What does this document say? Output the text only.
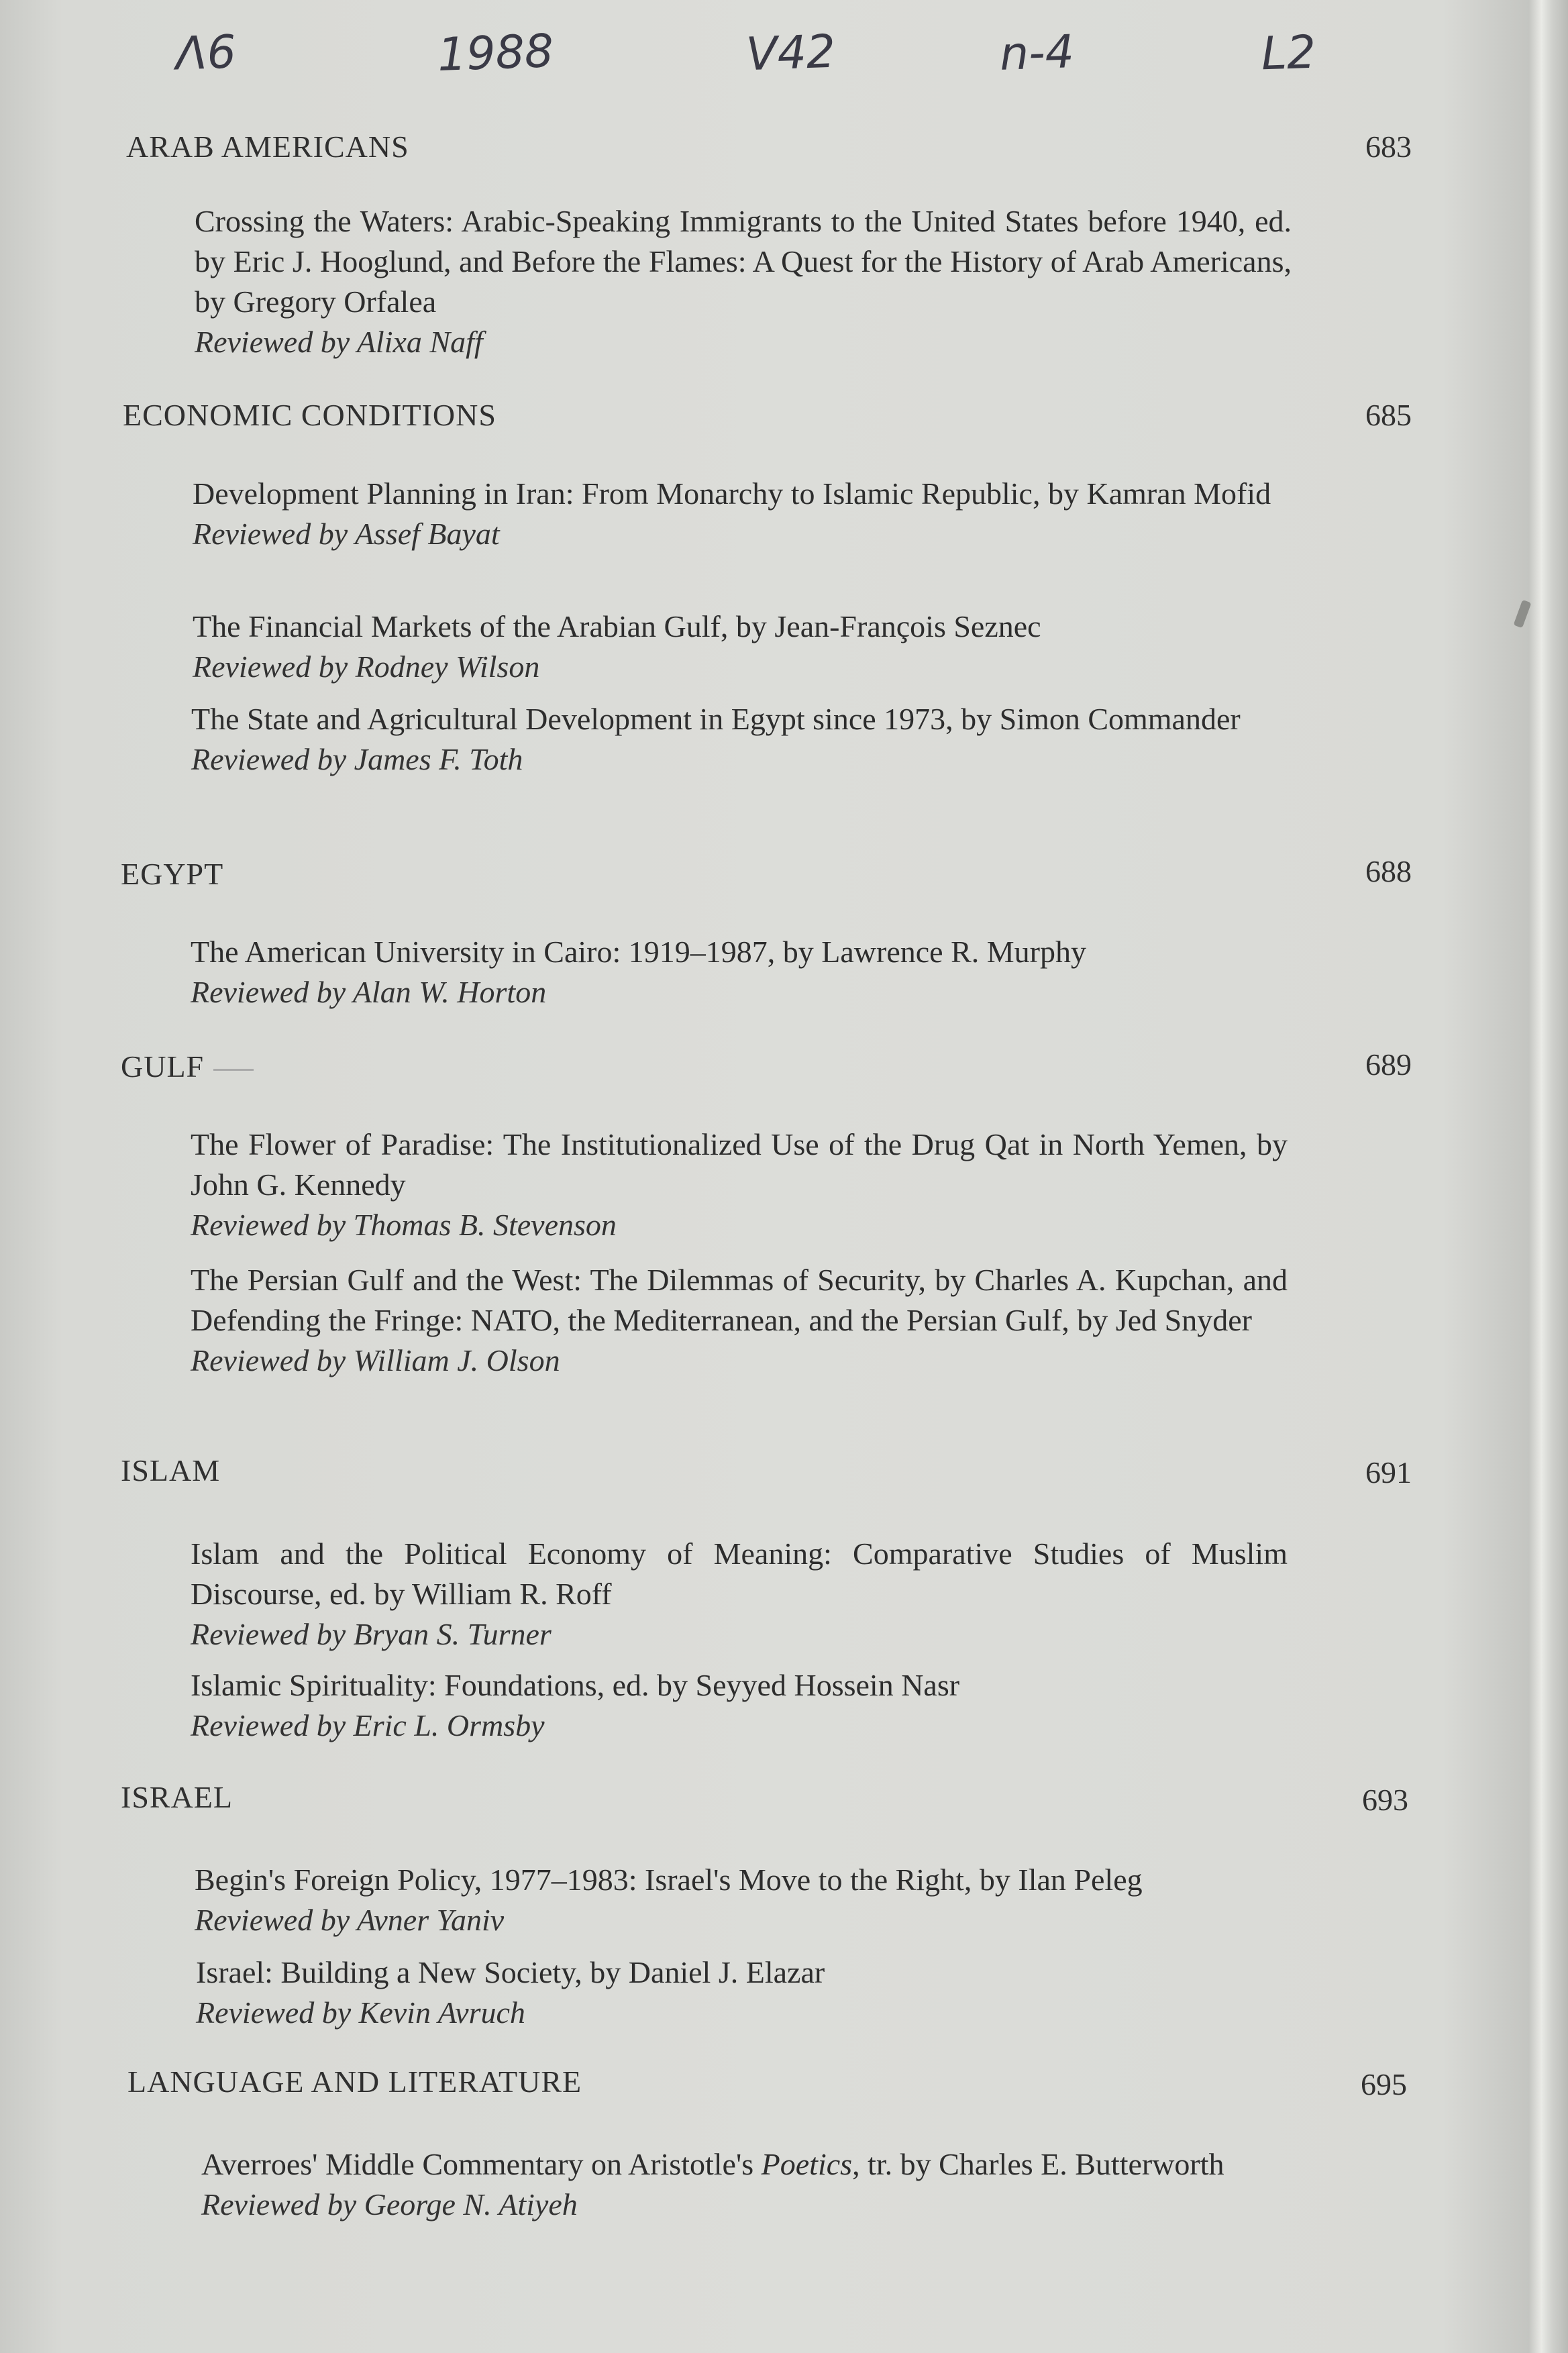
Λ6	1988	V42	n-4	L2
ARAB AMERICANS	683
Crossing the Waters: Arabic-Speaking Immigrants to the United States before 1940, ed. by Eric J. Hooglund, and Before the Flames: A Quest for the History of Arab Americans, by Gregory Orfalea
Reviewed by Alixa Naff
ECONOMIC CONDITIONS	685
Development Planning in Iran: From Monarchy to Islamic Republic, by Kamran Mofid
Reviewed by Assef Bayat
The Financial Markets of the Arabian Gulf, by Jean-François Seznec
Reviewed by Rodney Wilson
The State and Agricultural Development in Egypt since 1973, by Simon Commander
Reviewed by James F. Toth
EGYPT	688
The American University in Cairo: 1919–1987, by Lawrence R. Murphy
Reviewed by Alan W. Horton
GULF	689
The Flower of Paradise: The Institutionalized Use of the Drug Qat in North Yemen, by John G. Kennedy
Reviewed by Thomas B. Stevenson
The Persian Gulf and the West: The Dilemmas of Security, by Charles A. Kupchan, and Defending the Fringe: NATO, the Mediterranean, and the Persian Gulf, by Jed Snyder
Reviewed by William J. Olson
ISLAM	691
Islam and the Political Economy of Meaning: Comparative Studies of Muslim Discourse, ed. by William R. Roff
Reviewed by Bryan S. Turner
Islamic Spirituality: Foundations, ed. by Seyyed Hossein Nasr
Reviewed by Eric L. Ormsby
ISRAEL	693
Begin's Foreign Policy, 1977–1983: Israel's Move to the Right, by Ilan Peleg
Reviewed by Avner Yaniv
Israel: Building a New Society, by Daniel J. Elazar
Reviewed by Kevin Avruch
LANGUAGE AND LITERATURE	695
Averroes' Middle Commentary on Aristotle's Poetics, tr. by Charles E. Butterworth
Reviewed by George N. Atiyeh
